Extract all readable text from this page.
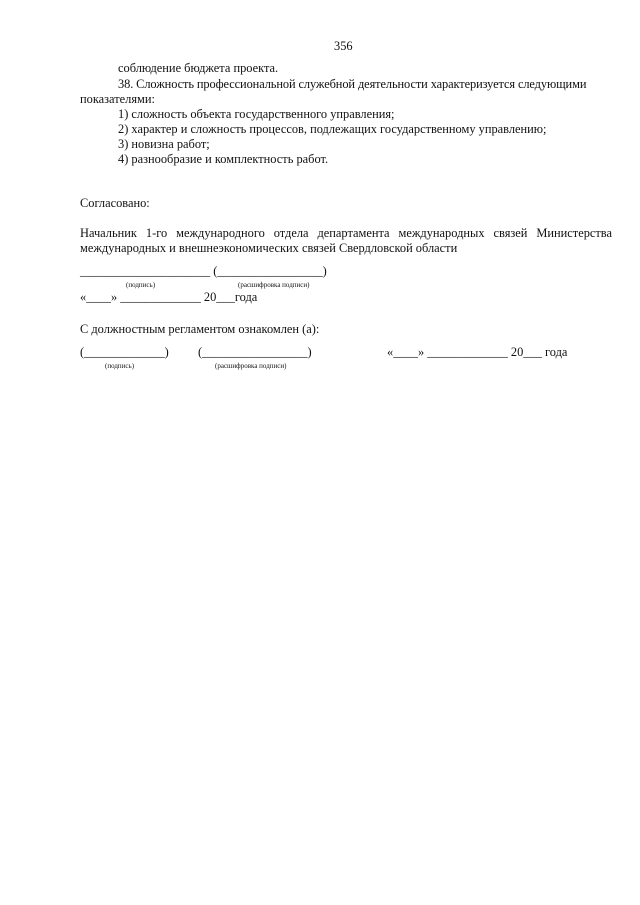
356
соблюдение бюджета проекта.
38. Сложность профессиональной служебной деятельности характеризуется следующими
показателями:
1) сложность объекта государственного управления;
2) характер и сложность процессов, подлежащих государственному управлению;
3) новизна работ;
4) разнообразие и комплектность работ.
Согласовано:
Начальник 1-го международного отдела департамента международных связей Министерства
международных и внешнеэкономических связей Свердловской области
_____________________ (_________________)
(подпись)	(расшифровка подписи)
«____» _____________ 20___года
С должностным регламентом ознакомлен (а):
(_____________) (_________________)	«____» _____________ 20___ года
(подпись)	(расшифровка подписи)
